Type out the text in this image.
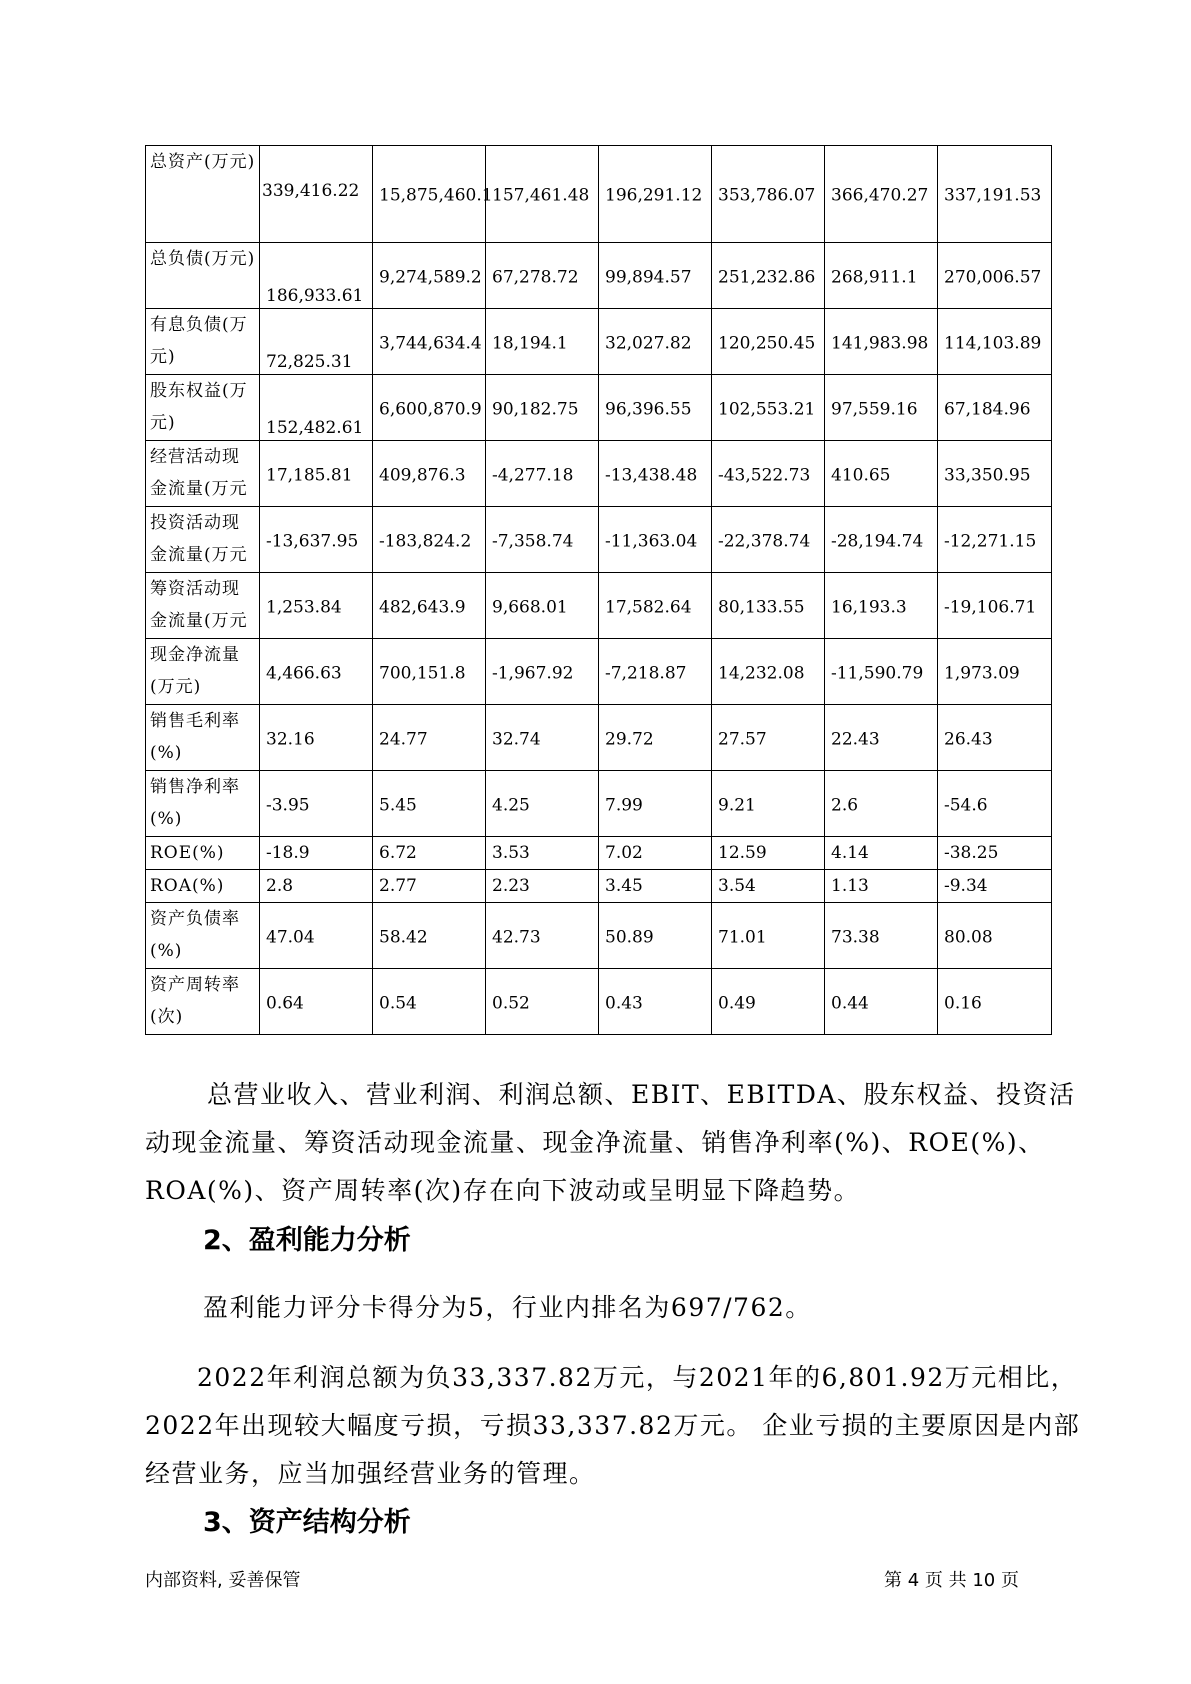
总资产(万元)	339,416.22	15,875,460.1	157,461.48	196,291.12	353,786.07	366,470.27	337,191.53

总负债(万元)	186,933.61	9,274,589.2	67,278.72	99,894.57	251,232.86	268,911.1	270,006.57

有息负债(万元)	72,825.31	3,744,634.4	18,194.1	32,027.82	120,250.45	141,983.98	114,103.89

股东权益(万元)	152,482.61	6,600,870.9	90,182.75	96,396.55	102,553.21	97,559.16	67,184.96

经营活动现金流量(万元	17,185.81	409,876.3	-4,277.18	-13,438.48	-43,522.73	410.65	33,350.95

投资活动现金流量(万元	-13,637.95	-183,824.2	-7,358.74	-11,363.04	-22,378.74	-28,194.74	-12,271.15

筹资活动现金流量(万元	1,253.84	482,643.9	9,668.01	17,582.64	80,133.55	16,193.3	-19,106.71

现金净流量(万元)	4,466.63	700,151.8	-1,967.92	-7,218.87	14,232.08	-11,590.79	1,973.09

销售毛利率(%)	32.16	24.77	32.74	29.72	27.57	22.43	26.43

销售净利率(%)	-3.95	5.45	4.25	7.99	9.21	2.6	-54.6

ROE(%)	-18.9	6.72	3.53	7.02	12.59	4.14	-38.25

ROA(%)	2.8	2.77	2.23	3.45	3.54	1.13	-9.34

资产负债率(%)	47.04	58.42	42.73	50.89	71.01	73.38	80.08

资产周转率(次)	0.64	0.54	0.52	0.43	0.49	0.44	0.16
总营业收入、营业利润、利润总额、EBIT、EBITDA、股东权益、投资活动现金流量、筹资活动现金流量、现金净流量、销售净利率(%)、ROE(%)、ROA(%)、资产周转率(次)存在向下波动或呈明显下降趋势。
2、盈利能力分析
盈利能力评分卡得分为5，行业内排名为697/762。
2022年利润总额为负33,337.82万元，与2021年的6,801.92万元相比，2022年出现较大幅度亏损，亏损33,337.82万元。 企业亏损的主要原因是内部经营业务，应当加强经营业务的管理。
3、资产结构分析
内部资料, 妥善保管	第 4 页 共 10 页
